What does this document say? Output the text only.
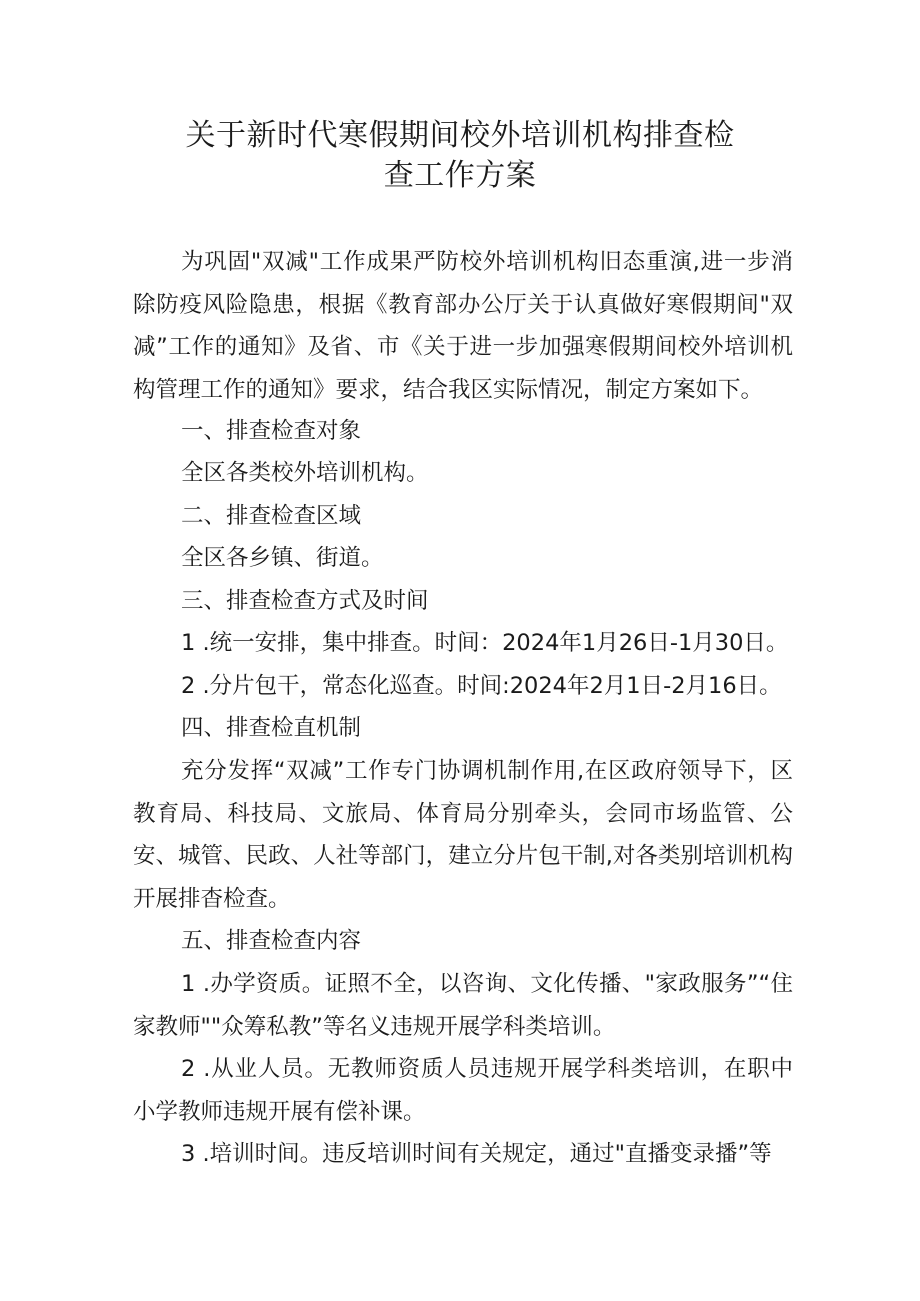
关于新时代寒假期间校外培训机构排查检
查工作方案

为巩固"双减"工作成果严防校外培训机构旧态重演,进一步消除防疫风险隐患，根据《教育部办公厅关于认真做好寒假期间"双减”工作的通知》及省、市《关于进一步加强寒假期间校外培训机构管理工作的通知》要求，结合我区实际情况，制定方案如下。

一、排查检查对象

全区各类校外培训机构。

二、排查检查区域

全区各乡镇、街道。

三、排查检查方式及时间

1 .统一安排，集中排查。时间：2024年1月26日-1月30日。

2 .分片包干，常态化巡查。时间:2024年2月1日-2月16日。

四、排查检直机制

充分发挥“双减”工作专门协调机制作用,在区政府领导下，区教育局、科技局、文旅局、体育局分别牵头，会同市场监管、公安、城管、民政、人社等部门，建立分片包干制,对各类别培训机构开展排杳检查。

五、排查检查内容

1 .办学资质。证照不全，以咨询、文化传播、"家政服务”“住家教师""众筹私教”等名义违规开展学科类培训。

2 .从业人员。无教师资质人员违规开展学科类培训，在职中小学教师违规开展有偿补课。

3 .培训时间。违反培训时间有关规定，通过"直播变录播”等
